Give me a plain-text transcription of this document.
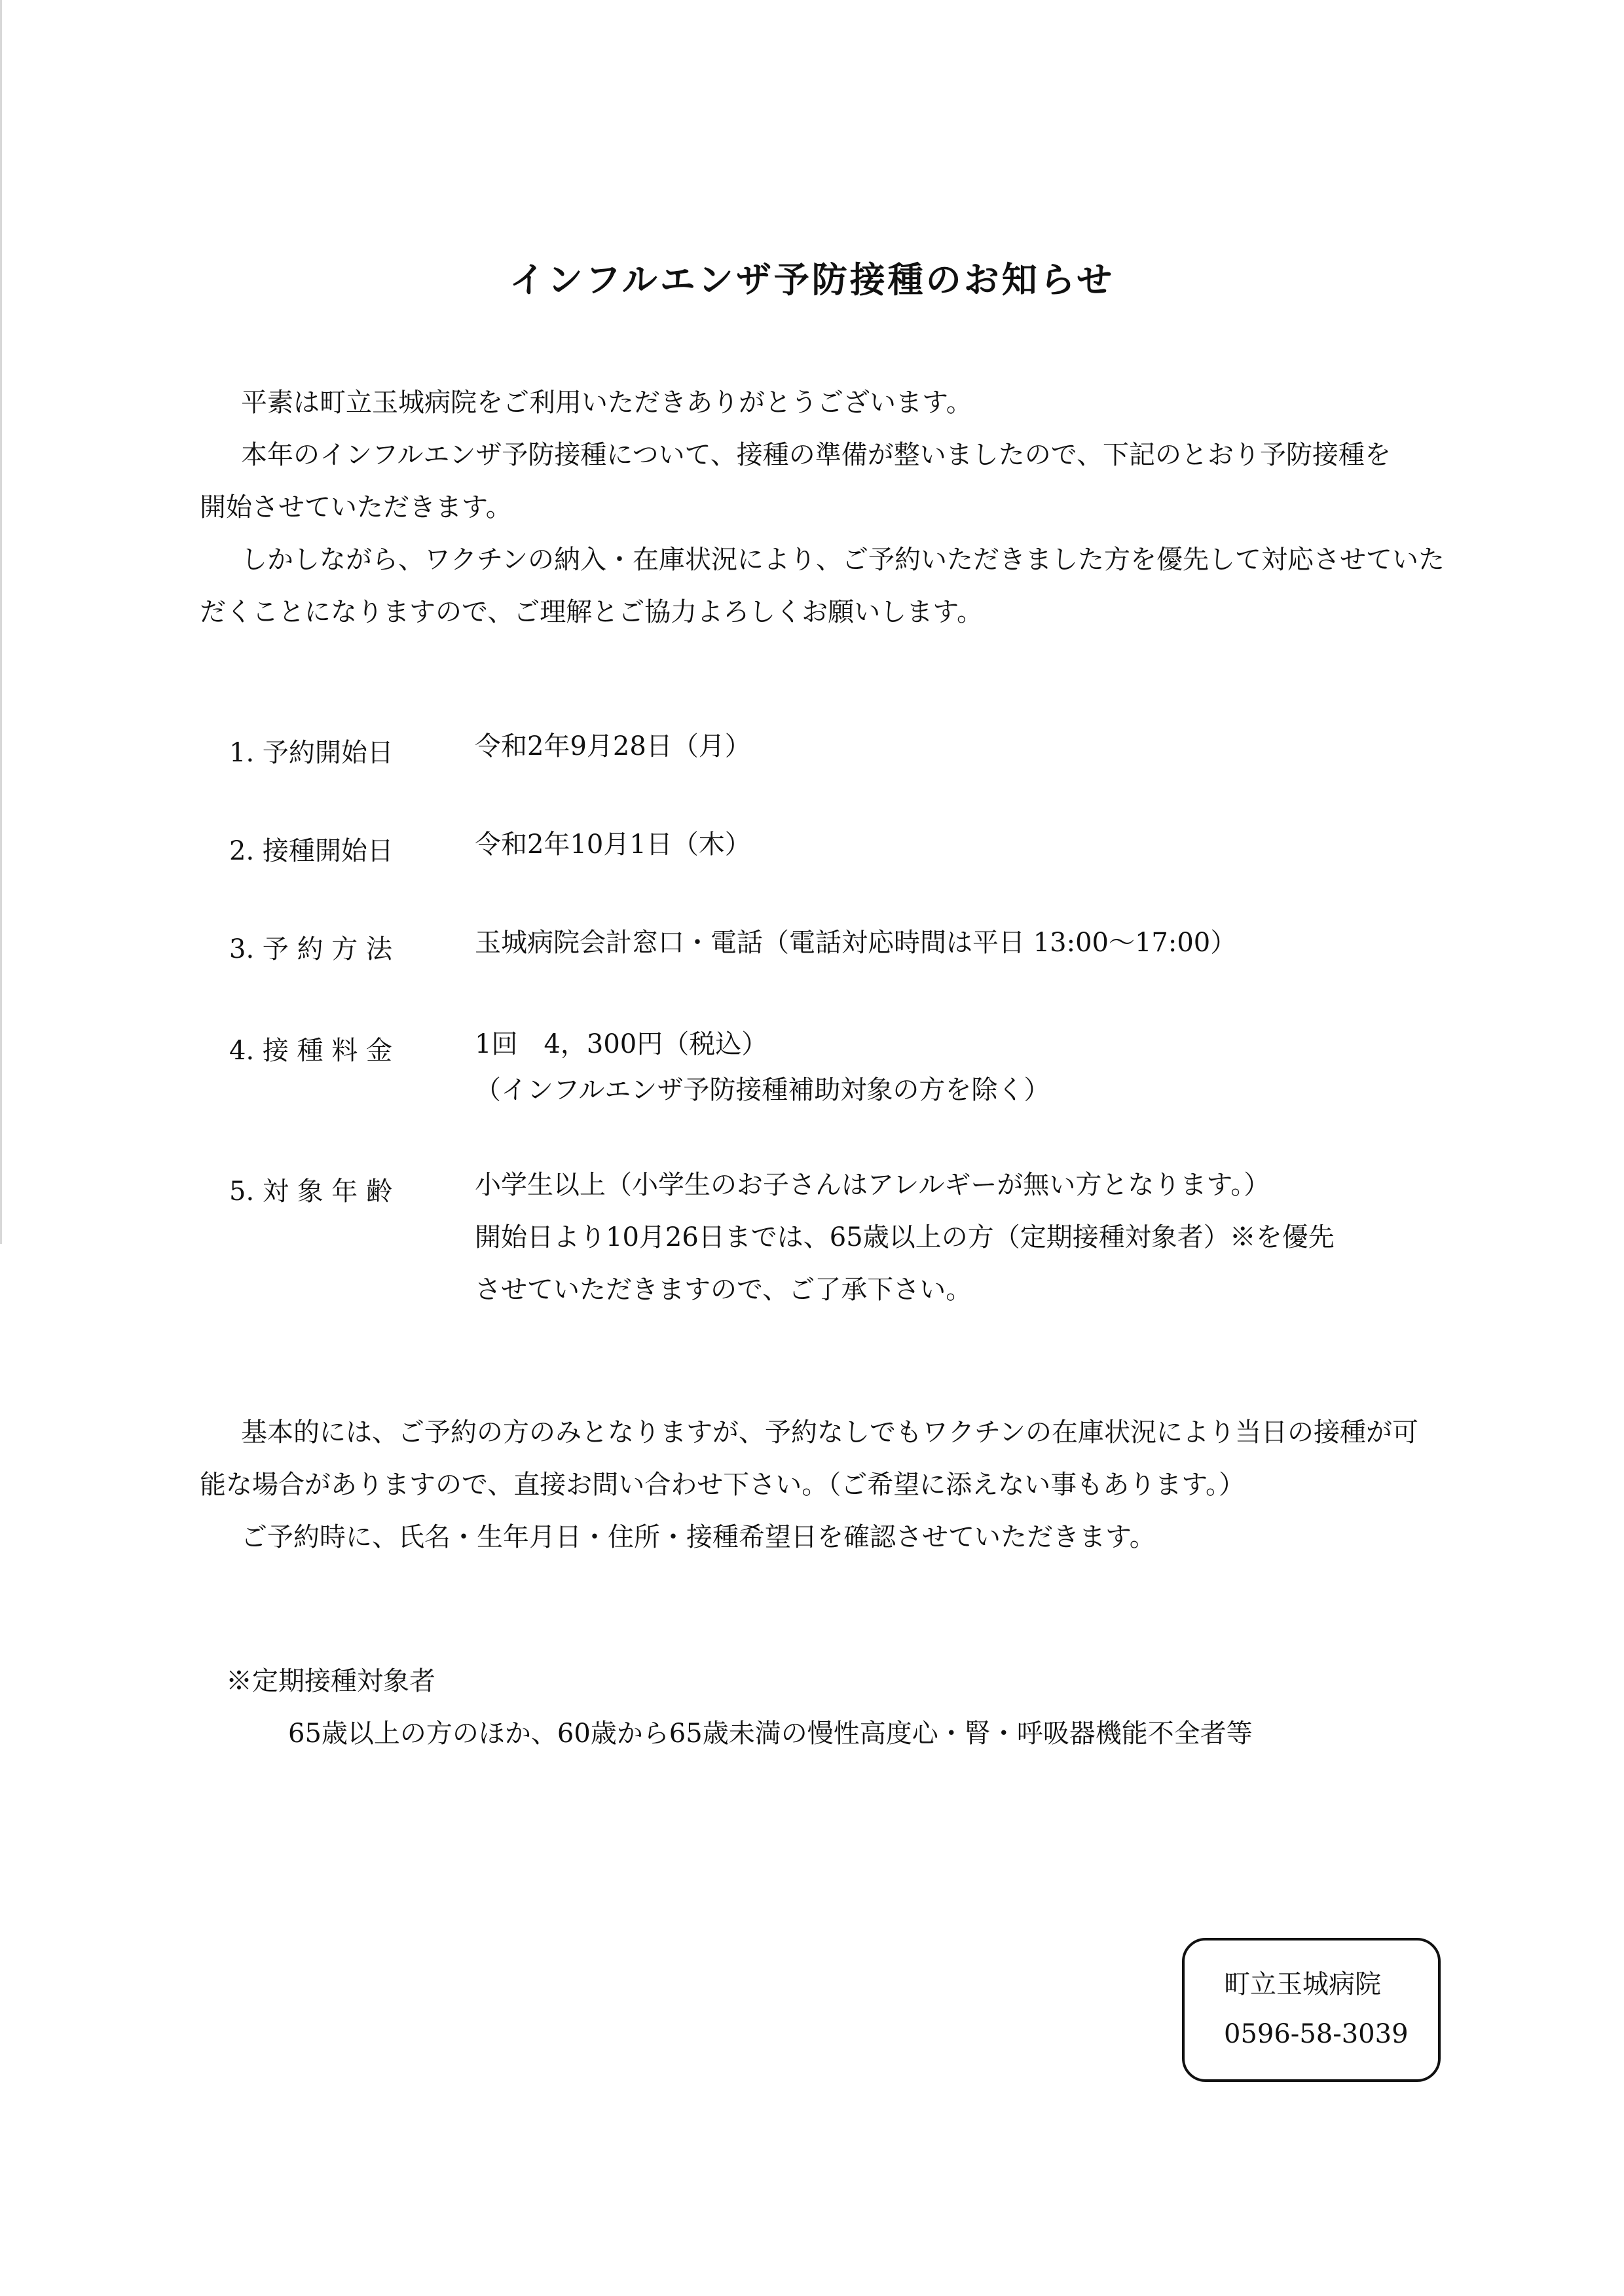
インフルエンザ予防接種のお知らせ
平素は町立玉城病院をご利用いただきありがとうございます。
本年のインフルエンザ予防接種について、接種の準備が整いましたので、下記のとおり予防接種を
開始させていただきます。
しかしながら、ワクチンの納入・在庫状況により、ご予約いただきました方を優先して対応させていた
だくことになりますので、ご理解とご協力よろしくお願いします。
1. 予約開始日	令和2年9月28日（月）
2. 接種開始日	令和2年10月1日（木）
3. 予 約 方 法	玉城病院会計窓口・電話（電話対応時間は平日 13:00～17:00）
4. 接 種 料 金	1回　4，300円（税込）
（インフルエンザ予防接種補助対象の方を除く）
5. 対 象 年 齢	小学生以上（小学生のお子さんはアレルギーが無い方となります。）
開始日より10月26日までは、65歳以上の方（定期接種対象者）※を優先
させていただきますので、ご了承下さい。
基本的には、ご予約の方のみとなりますが、予約なしでもワクチンの在庫状況により当日の接種が可
能な場合がありますので、直接お問い合わせ下さい。（ご希望に添えない事もあります。）
ご予約時に、氏名・生年月日・住所・接種希望日を確認させていただきます。
※定期接種対象者
65歳以上の方のほか、60歳から65歳未満の慢性高度心・腎・呼吸器機能不全者等
町立玉城病院
0596-58-3039
